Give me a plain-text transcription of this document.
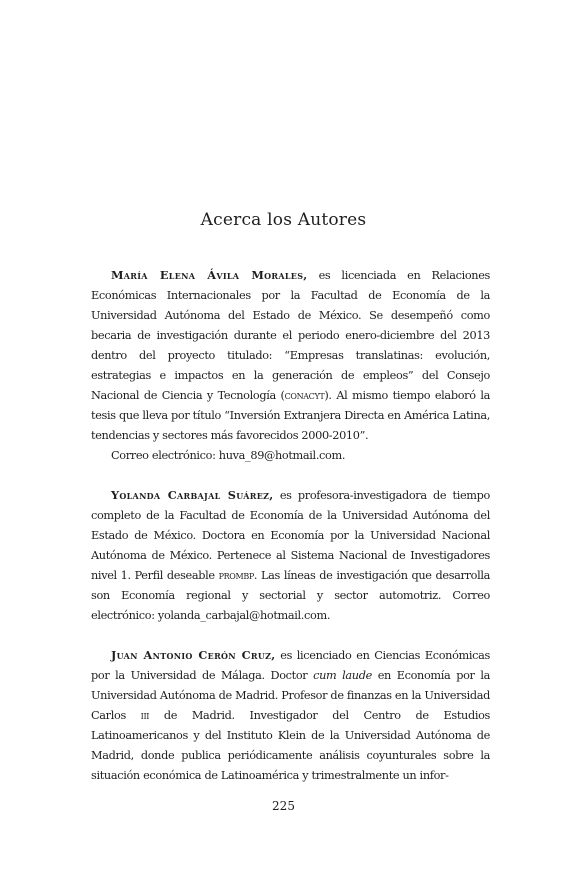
Acerca los Autores

María Elena Ávila Morales, es licenciada en Relaciones Económicas Internacionales por la Facultad de Economía de la Universidad Autónoma del Estado de México. Se desempeñó como becaria de investigación durante el periodo enero-diciembre del 2013 dentro del proyecto titulado: “Empresas translatinas: evolución, estrategias e impactos en la generación de empleos” del Consejo Nacional de Ciencia y Tecnología (conacyt). Al mismo tiempo elaboró la tesis que lleva por título “Inversión Extranjera Directa en América Latina, tendencias y sectores más favorecidos 2000-2010”.

Correo electrónico: huva_89@hotmail.com.

Yolanda Carbajal Suárez, es profesora-investigadora de tiempo completo de la Facultad de Economía de la Universidad Autónoma del Estado de México. Doctora en Economía por la Universidad Nacional Autónoma de México. Pertenece al Sistema Nacional de Investigadores nivel 1. Perfil deseable prombp. Las líneas de investigación que desarrolla son Economía regional y sectorial y sector automotriz. Correo electrónico: yolanda_carbajal@hotmail.com.

Juan Antonio Cerón Cruz, es licenciado en Ciencias Económicas por la Universidad de Málaga. Doctor cum laude en Economía por la Universidad Autónoma de Madrid. Profesor de finanzas en la Universidad Carlos iii de Madrid. Investigador del Centro de Estudios Latinoamericanos y del Instituto Klein de la Universidad Autónoma de Madrid, donde publica periódicamente análisis coyunturales sobre la situación económica de Latinoamérica y trimestralmente un infor-

225
